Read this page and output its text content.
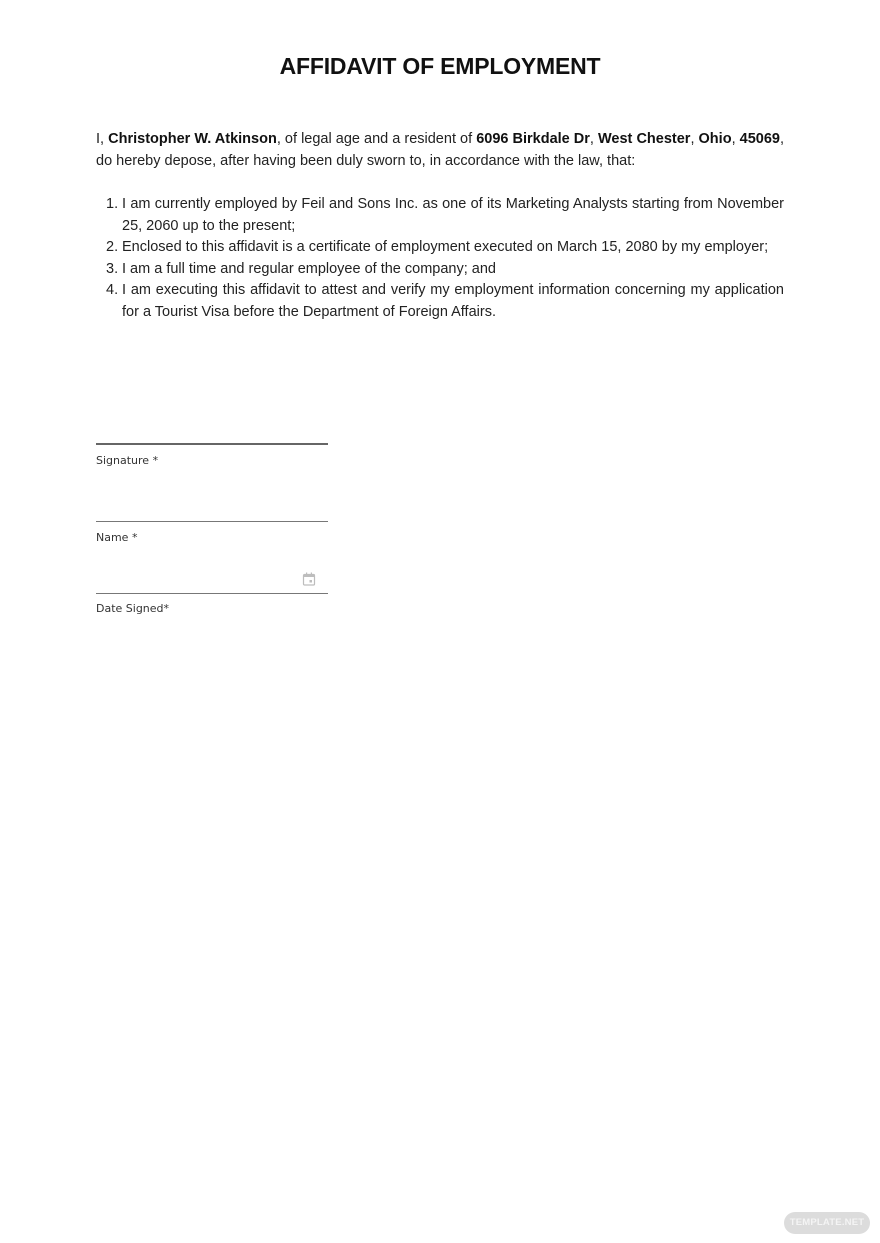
AFFIDAVIT OF EMPLOYMENT
I, Christopher W. Atkinson, of legal age and a resident of 6096 Birkdale Dr, West Chester, Ohio, 45069, do hereby depose, after having been duly sworn to, in accordance with the law, that:
1. I am currently employed by Feil and Sons Inc. as one of its Marketing Analysts starting from November 25, 2060 up to the present;
2. Enclosed to this affidavit is a certificate of employment executed on March 15, 2080 by my employer;
3. I am a full time and regular employee of the company; and
4. I am executing this affidavit to attest and verify my employment information concerning my application for a Tourist Visa before the Department of Foreign Affairs.
Signature *
Name *
Date Signed*
TEMPLATE.NET
